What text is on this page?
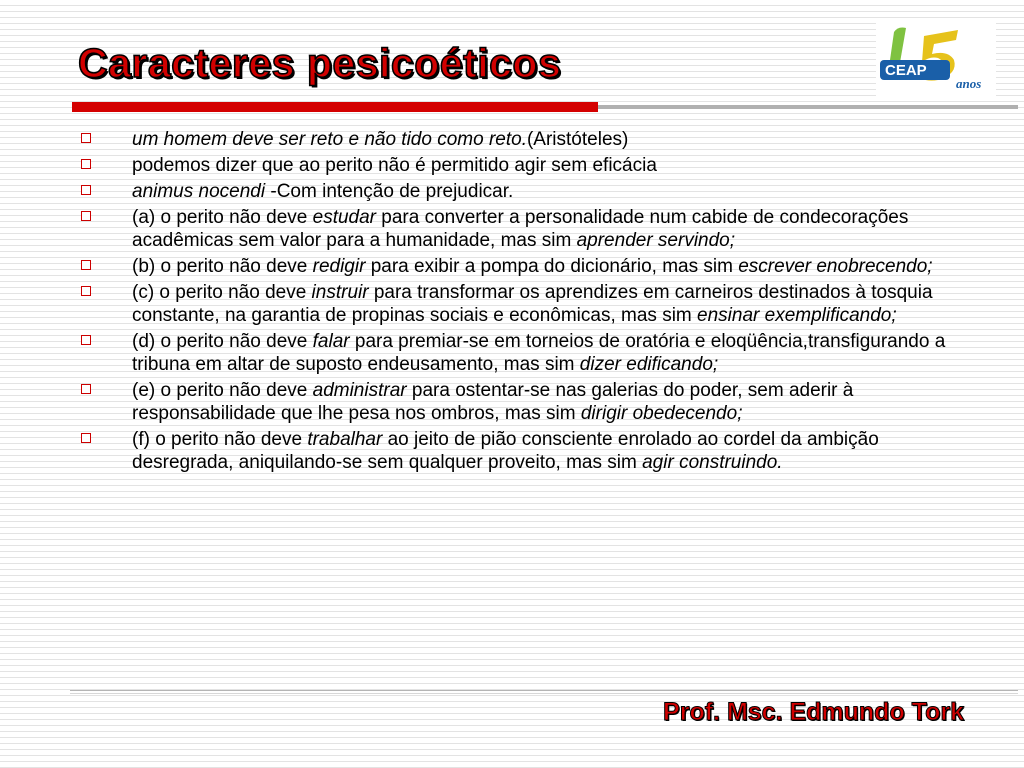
Caracteres pesicoéticos	CEAP
anos
15
um homem deve ser reto e não tido como reto.(Aristóteles)
podemos dizer que ao perito não é permitido agir sem eficácia
animus nocendi -Com intenção de prejudicar.
(a) o perito não deve estudar para converter a personalidade num cabide de condecorações acadêmicas sem valor para a humanidade, mas sim aprender servindo;
(b) o perito não deve redigir para exibir a pompa do dicionário, mas sim escrever enobrecendo;
(c) o perito não deve instruir para transformar os aprendizes em carneiros destinados à tosquia constante, na garantia de propinas sociais e econômicas, mas sim ensinar exemplificando;
(d) o perito não deve falar para premiar-se em torneios de oratória e eloqüência,transfigurando a tribuna em altar de suposto endeusamento, mas sim dizer edificando;
(e) o perito não deve administrar para ostentar-se nas galerias do poder, sem aderir à responsabilidade que lhe pesa nos ombros, mas sim dirigir obedecendo;
(f) o perito não deve trabalhar ao jeito de pião consciente enrolado ao cordel da ambição desregrada, aniquilando-se sem qualquer proveito, mas sim agir construindo.
Prof. Msc. Edmundo Tork
